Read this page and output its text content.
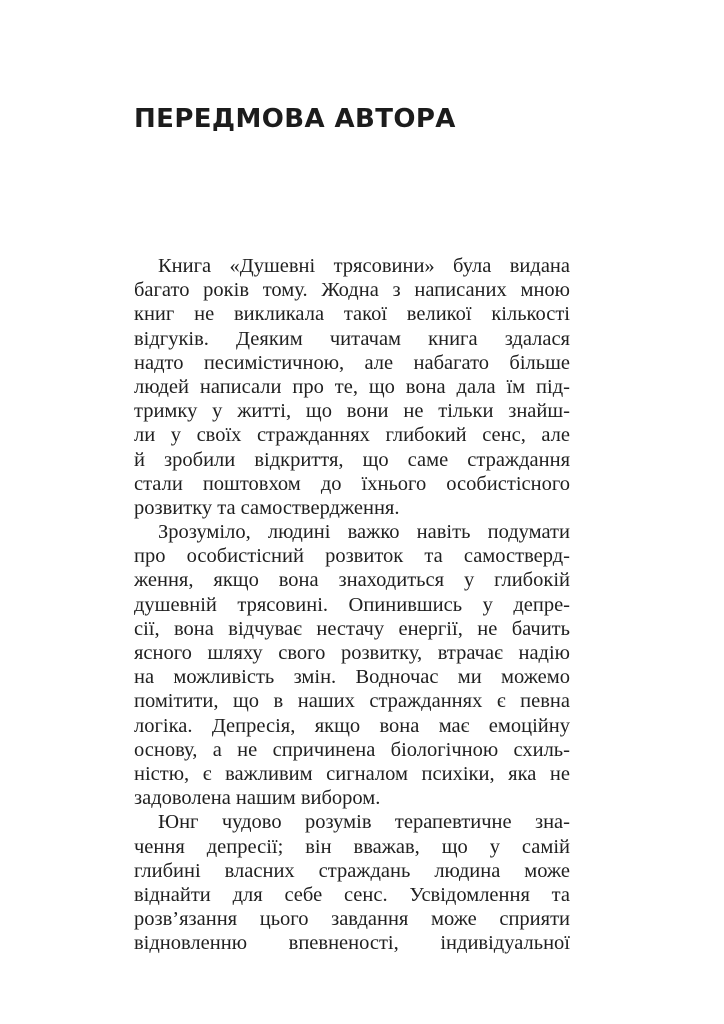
ПЕРЕДМОВА АВТОРА
Книга «Душевні трясовини» була видана
багато років тому. Жодна з написаних мною
книг не викликала такої великої кількості
відгуків. Деяким читачам книга здалася
надто песимістичною, але набагато більше
людей написали про те, що вона дала їм під-
тримку у житті, що вони не тільки знайш-
ли у своїх стражданнях глибокий сенс, але
й зробили відкриття, що саме страждання
стали поштовхом до їхнього особистісного
розвитку та самоствердження.
Зрозуміло, людині важко навіть подумати
про особистісний розвиток та самостверд-
ження, якщо вона знаходиться у глибокій
душевній трясовині. Опинившись у депре-
сії, вона відчуває нестачу енергії, не бачить
ясного шляху свого розвитку, втрачає надію
на можливість змін. Водночас ми можемо
помітити, що в наших стражданнях є певна
логіка. Депресія, якщо вона має емоційну
основу, а не спричинена біологічною схиль-
ністю, є важливим сигналом психіки, яка не
задоволена нашим вибором.
Юнг чудово розумів терапевтичне зна-
чення депресії; він вважав, що у самій
глибині власних страждань людина може
віднайти для себе сенс. Усвідомлення та
розв’язання цього завдання може сприяти
відновленню впевненості, індивідуальної
